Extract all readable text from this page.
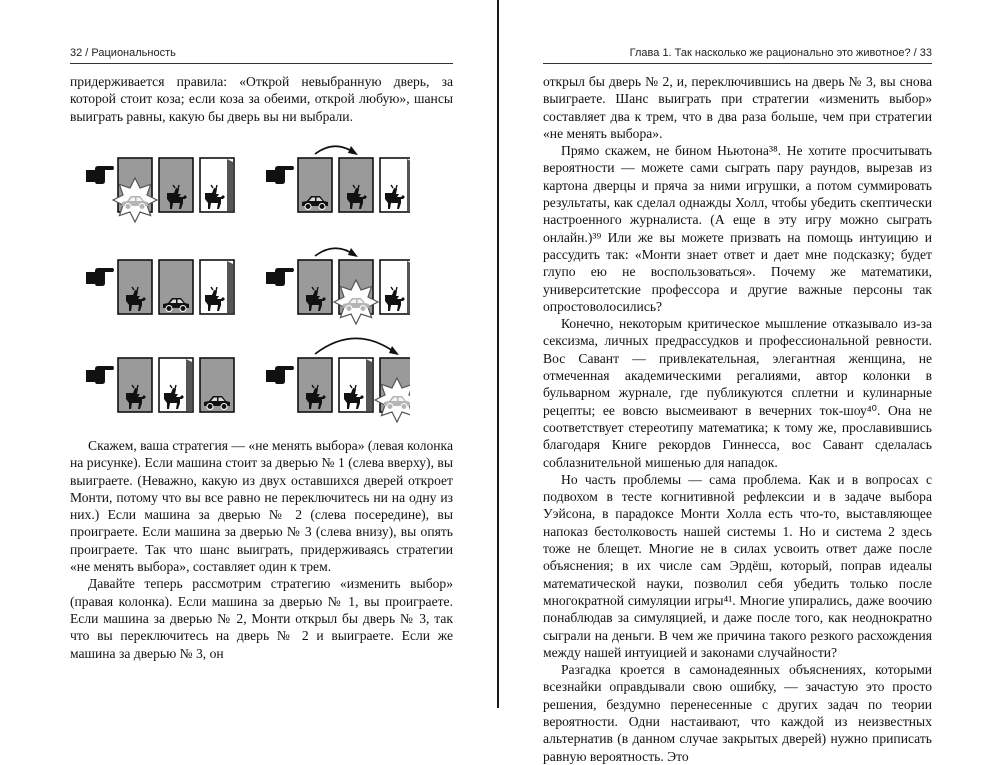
32 / Рациональность

придерживается правила: «Открой невыбранную дверь, за которой стоит коза; если коза за обеими, открой любую», шансы выиграть равны, какую бы дверь вы ни выбрали.

Скажем, ваша стратегия — «не менять выбора» (левая колонка на рисунке). Если машина стоит за дверью № 1 (слева вверху), вы выиграете. (Неважно, какую из двух оставшихся дверей откроет Монти, потому что вы все равно не переключитесь ни на одну из них.) Если машина за дверью № 2 (слева посередине), вы проиграете. Если машина за дверью № 3 (слева внизу), вы опять проиграете. Так что шанс выиграть, придерживаясь стратегии «не менять выбора», составляет один к трем.

Давайте теперь рассмотрим стратегию «изменить выбор» (правая колонка). Если машина за дверью № 1, вы проиграете. Если машина за дверью № 2, Монти открыл бы дверь № 3, так что вы переключитесь на дверь № 2 и выиграете. Если же машина за дверью № 3, он

Глава 1. Так насколько же рационально это животное? / 33

открыл бы дверь № 2, и, переключившись на дверь № 3, вы снова выиграете. Шанс выиграть при стратегии «изменить выбор» составляет два к трем, что в два раза больше, чем при стратегии «не менять выбора».

Прямо скажем, не бином Ньютона³⁸. Не хотите просчитывать вероятности — можете сами сыграть пару раундов, вырезав из картона дверцы и пряча за ними игрушки, а потом суммировать результаты, как сделал однажды Холл, чтобы убедить скептически настроенного журналиста. (А еще в эту игру можно сыграть онлайн.)³⁹ Или же вы можете призвать на помощь интуицию и рассудить так: «Монти знает ответ и дает мне подсказку; будет глупо ею не воспользоваться». Почему же математики, университетские профессора и другие важные персоны так опростоволосились?

Конечно, некоторым критическое мышление отказывало из-за сексизма, личных предрассудков и профессиональной ревности. Вос Савант — привлекательная, элегантная женщина, не отмеченная академическими регалиями, автор колонки в бульварном журнале, где публикуются сплетни и кулинарные рецепты; ее вовсю высмеивают в вечерних ток-шоу⁴⁰. Она не соответствует стереотипу математика; к тому же, прославившись благодаря Книге рекордов Гиннесса, вос Савант сделалась соблазнительной мишенью для нападок.

Но часть проблемы — сама проблема. Как и в вопросах с подвохом в тесте когнитивной рефлексии и в задаче выбора Уэйсона, в парадоксе Монти Холла есть что-то, выставляющее напоказ бестолковость нашей системы 1. Но и система 2 здесь тоже не блещет. Многие не в силах усвоить ответ даже после объяснения; в их числе сам Эрдёш, который, поправ идеалы математической науки, позволил себя убедить только после многократной симуляции игры⁴¹. Многие упирались, даже воочию понаблюдав за симуляцией, и даже после того, как неоднократно сыграли на деньги. В чем же причина такого резкого расхождения между нашей интуицией и законами случайности?

Разгадка кроется в самонадеянных объяснениях, которыми всезнайки оправдывали свою ошибку, — зачастую это просто решения, бездумно перенесенные с других задач по теории вероятности. Одни настаивают, что каждой из неизвестных альтернатив (в данном случае закрытых дверей) нужно приписать равную вероятность. Это
